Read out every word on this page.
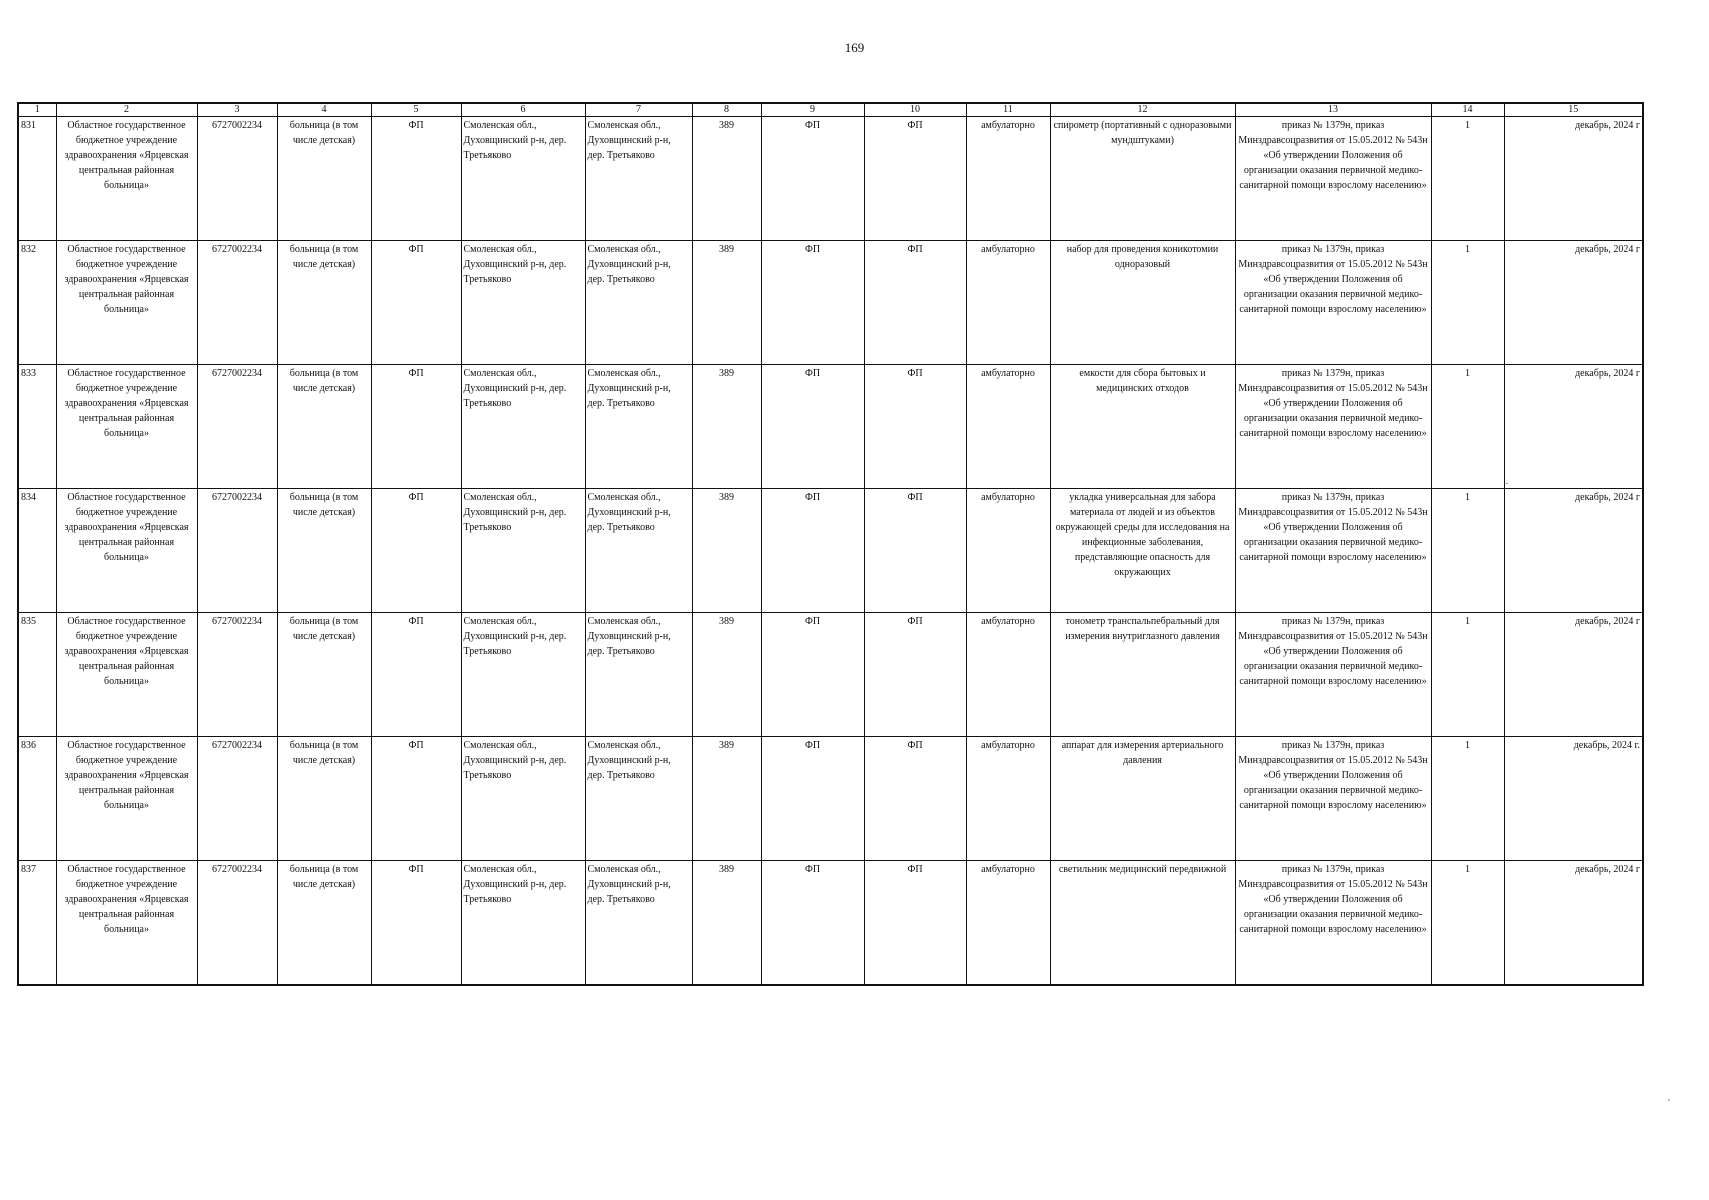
169
1	2	3	4	5	6	7	8	9	10	11	12	13	14	15
831	Областное государственное бюджетное учреждение здравоохранения «Ярцевская центральная районная больница»	6727002234	больница (в том числе детская)	ФП	Смоленская обл., Духовщинский р-н, дер. Третьяково	Смоленская обл., Духовщинский р-н, дер. Третьяково	389	ФП	ФП	амбулаторно	спирометр (портативный с одноразовыми мундштуками)	приказ № 1379н, приказ Минздравсоцразвития от 15.05.2012 № 543н «Об утверждении Положения об организации оказания первичной медико-санитарной помощи взрослому населению»	1	декабрь, 2024 г
832	Областное государственное бюджетное учреждение здравоохранения «Ярцевская центральная районная больница»	6727002234	больница (в том числе детская)	ФП	Смоленская обл., Духовщинский р-н, дер. Третьяково	Смоленская обл., Духовщинский р-н, дер. Третьяково	389	ФП	ФП	амбулаторно	набор для проведения коникотомии одноразовый	приказ № 1379н, приказ Минздравсоцразвития от 15.05.2012 № 543н «Об утверждении Положения об организации оказания первичной медико-санитарной помощи взрослому населению»	1	декабрь, 2024 г
833	Областное государственное бюджетное учреждение здравоохранения «Ярцевская центральная районная больница»	6727002234	больница (в том числе детская)	ФП	Смоленская обл., Духовщинский р-н, дер. Третьяково	Смоленская обл., Духовщинский р-н, дер. Третьяково	389	ФП	ФП	амбулаторно	емкости для сбора бытовых и медицинских отходов	приказ № 1379н, приказ Минздравсоцразвития от 15.05.2012 № 543н «Об утверждении Положения об организации оказания первичной медико-санитарной помощи взрослому населению»	1	декабрь, 2024 г
834	Областное государственное бюджетное учреждение здравоохранения «Ярцевская центральная районная больница»	6727002234	больница (в том числе детская)	ФП	Смоленская обл., Духовщинский р-н, дер. Третьяково	Смоленская обл., Духовщинский р-н, дер. Третьяково	389	ФП	ФП	амбулаторно	укладка универсальная для забора материала от людей и из объектов окружающей среды для исследования на инфекционные заболевания, представляющие опасность для окружающих	приказ № 1379н, приказ Минздравсоцразвития от 15.05.2012 № 543н «Об утверждении Положения об организации оказания первичной медико-санитарной помощи взрослому населению»	1	декабрь, 2024 г
835	Областное государственное бюджетное учреждение здравоохранения «Ярцевская центральная районная больница»	6727002234	больница (в том числе детская)	ФП	Смоленская обл., Духовщинский р-н, дер. Третьяково	Смоленская обл., Духовщинский р-н, дер. Третьяково	389	ФП	ФП	амбулаторно	тонометр транспальпебральный для измерения внутриглазного давления	приказ № 1379н, приказ Минздравсоцразвития от 15.05.2012 № 543н «Об утверждении Положения об организации оказания первичной медико-санитарной помощи взрослому населению»	1	декабрь, 2024 г
836	Областное государственное бюджетное учреждение здравоохранения «Ярцевская центральная районная больница»	6727002234	больница (в том числе детская)	ФП	Смоленская обл., Духовщинский р-н, дер. Третьяково	Смоленская обл., Духовщинский р-н, дер. Третьяково	389	ФП	ФП	амбулаторно	аппарат для измерения артериального давления	приказ № 1379н, приказ Минздравсоцразвития от 15.05.2012 № 543н «Об утверждении Положения об организации оказания первичной медико-санитарной помощи взрослому населению»	1	декабрь, 2024 г.
837	Областное государственное бюджетное учреждение здравоохранения «Ярцевская центральная районная больница»	6727002234	больница (в том числе детская)	ФП	Смоленская обл., Духовщинский р-н, дер. Третьяково	Смоленская обл., Духовщинский р-н, дер. Третьяково	389	ФП	ФП	амбулаторно	светильник медицинский передвижной	приказ № 1379н, приказ Минздравсоцразвития от 15.05.2012 № 543н «Об утверждении Положения об организации оказания первичной медико-санитарной помощи взрослому населению»	1	декабрь, 2024 г
˙
ˊ
